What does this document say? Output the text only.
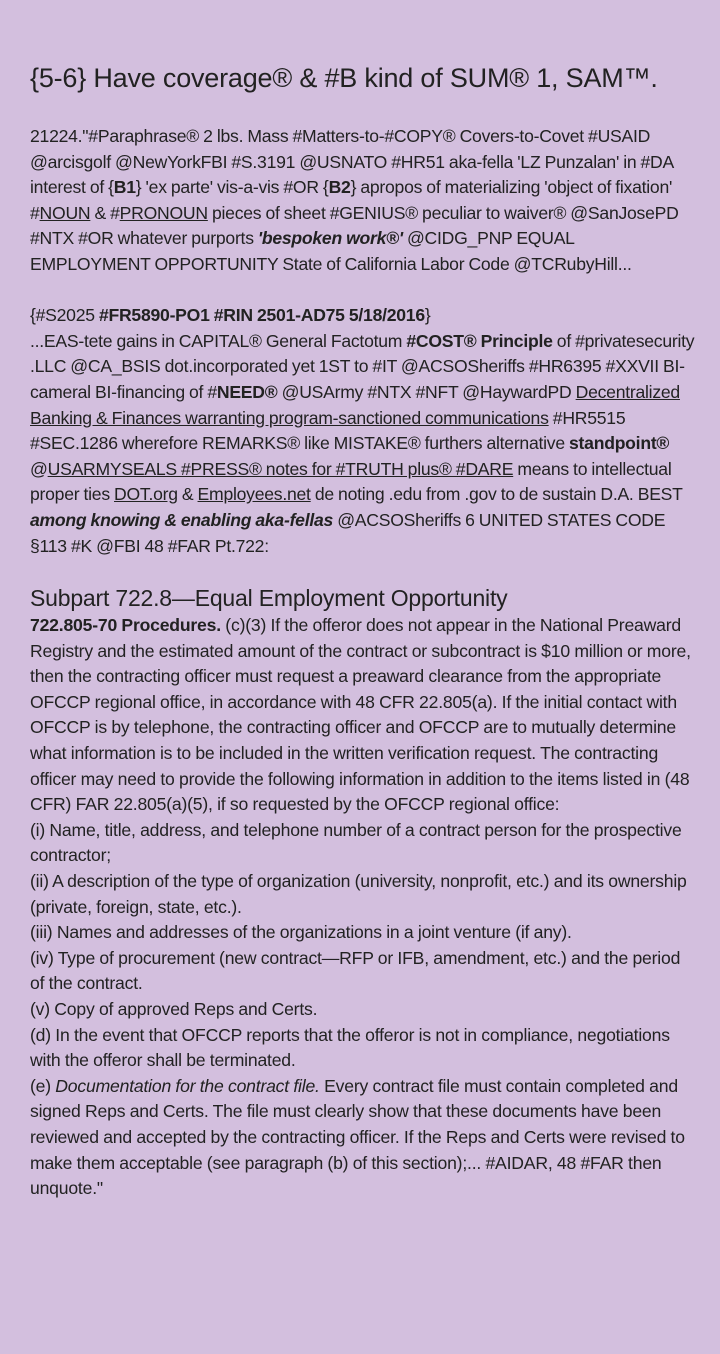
{5-6} Have coverage® & #B kind of SUM® 1, SAM™.

21224."#Paraphrase® 2 lbs. Mass #Matters-to-#COPY® Covers-to-Covet #USAID @arcisgolf @NewYorkFBI #S.3191 @USNATO #HR51 aka-fella 'LZ Punzalan' in #DA interest of {B1} 'ex parte' vis-a-vis #OR {B2} apropos of materializing 'object of fixation' #NOUN & #PRONOUN pieces of sheet #GENIUS® peculiar to waiver® @SanJosePD #NTX #OR whatever purports 'bespoken work®' @CIDG_PNP EQUAL EMPLOYMENT OPPORTUNITY State of California Labor Code @TCRubyHill...

{#S2025 #FR5890-PO1 #RIN 2501-AD75 5/18/2016}
...EAS-tete gains in CAPITAL® General Factotum #COST® Principle of #privatesecurity .LLC @CA_BSIS dot.incorporated yet 1ST to #IT @ACSOSheriffs #HR6395 #XXVII BI-cameral BI-financing of #NEED® @USArmy #NTX #NFT @HaywardPD Decentralized Banking & Finances warranting program-sanctioned communications #HR5515 #SEC.1286 wherefore REMARKS® like MISTAKE® furthers alternative standpoint® @USARMYSEALS #PRESS® notes for #TRUTH plus® #DARE means to intellectual proper ties DOT.org & Employees.net de noting .edu from .gov to de sustain D.A. BEST among knowing & enabling aka-fellas @ACSOSheriffs 6 UNITED STATES CODE §113 #K @FBI 48 #FAR Pt.722:

Subpart 722.8—Equal Employment Opportunity

722.805-70 Procedures. (c)(3) If the offeror does not appear in the National Preaward Registry and the estimated amount of the contract or subcontract is $10 million or more, then the contracting officer must request a preaward clearance from the appropriate OFCCP regional office, in accordance with 48 CFR 22.805(a). If the initial contact with OFCCP is by telephone, the contracting officer and OFCCP are to mutually determine what information is to be included in the written verification request. The contracting officer may need to provide the following information in addition to the items listed in (48 CFR) FAR 22.805(a)(5), if so requested by the OFCCP regional office:

(i) Name, title, address, and telephone number of a contract person for the prospective contractor;

(ii) A description of the type of organization (university, nonprofit, etc.) and its ownership (private, foreign, state, etc.).

(iii) Names and addresses of the organizations in a joint venture (if any).

(iv) Type of procurement (new contract—RFP or IFB, amendment, etc.) and the period of the contract.

(v) Copy of approved Reps and Certs.

(d) In the event that OFCCP reports that the offeror is not in compliance, negotiations with the offeror shall be terminated.

(e) Documentation for the contract file. Every contract file must contain completed and signed Reps and Certs. The file must clearly show that these documents have been reviewed and accepted by the contracting officer. If the Reps and Certs were revised to make them acceptable (see paragraph (b) of this section);... #AIDAR, 48 #FAR then unquote."
